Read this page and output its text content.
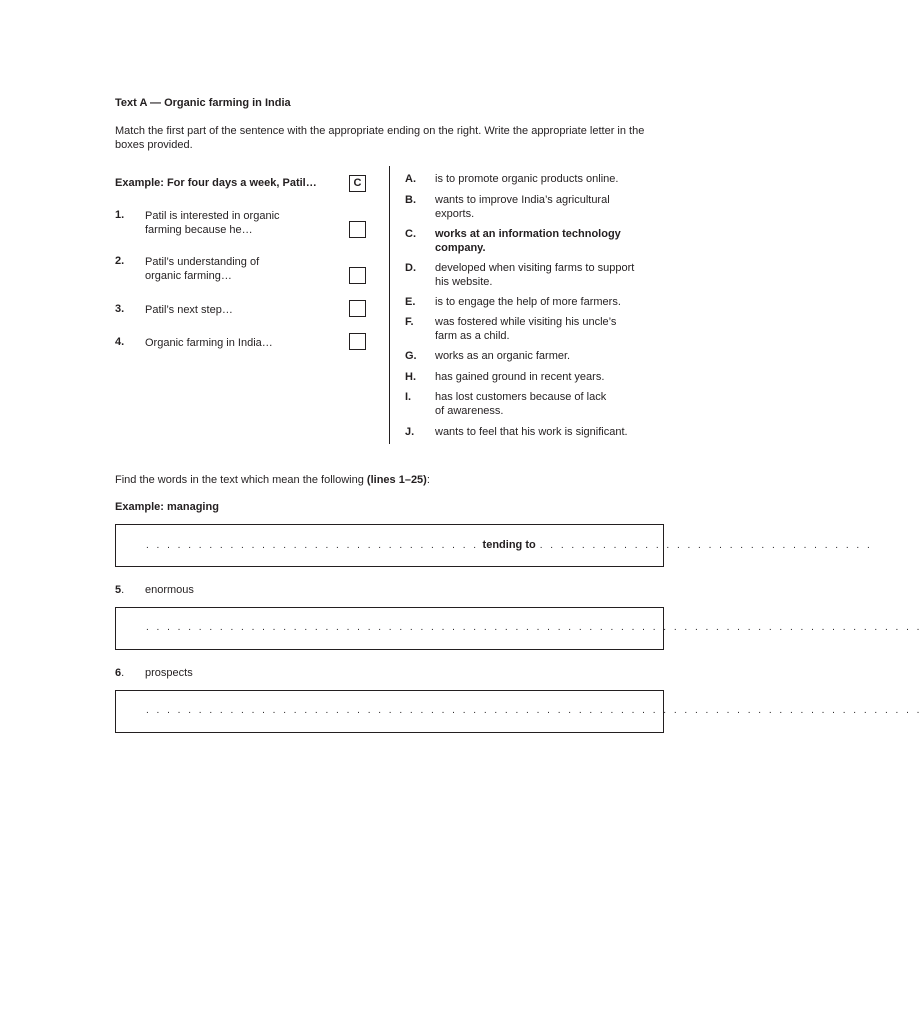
Text A — Organic farming in India
Match the first part of the sentence with the appropriate ending on the right. Write the appropriate letter in the boxes provided.
Example: For four days a week, Patil…	C
1. Patil is interested in organic
farming because he…
2. Patil’s understanding of
organic farming…
3. Patil’s next step…
4. Organic farming in India…
A. is to promote organic products online.
B. wants to improve India’s agricultural
exports.
C. works at an information technology
company.
D. developed when visiting farms to support
his website.
E. is to engage the help of more farmers.
F. was fostered while visiting his uncle’s
farm as a child.
G. works as an organic farmer.
H. has gained ground in recent years.
I. has lost customers because of lack
of awareness.
J. wants to feel that his work is significant.
Find the words in the text which mean the following (lines 1–25):
Example: managing
. . . . . . . . . . . . . . . . . . . . . . . . . . . . . . . . tending to . . . . . . . . . . . . . . . . . . . . . . . . . . . . . . . .
5. enormous
. . . . . . . . . . . . . . . . . . . . . . . . . . . . . . . . . . . . . . . . . . . . . . . . . . . . . . . . . . . . . . . . . . . . . . . . . .
6. prospects
. . . . . . . . . . . . . . . . . . . . . . . . . . . . . . . . . . . . . . . . . . . . . . . . . . . . . . . . . . . . . . . . . . . . . . . . . .
